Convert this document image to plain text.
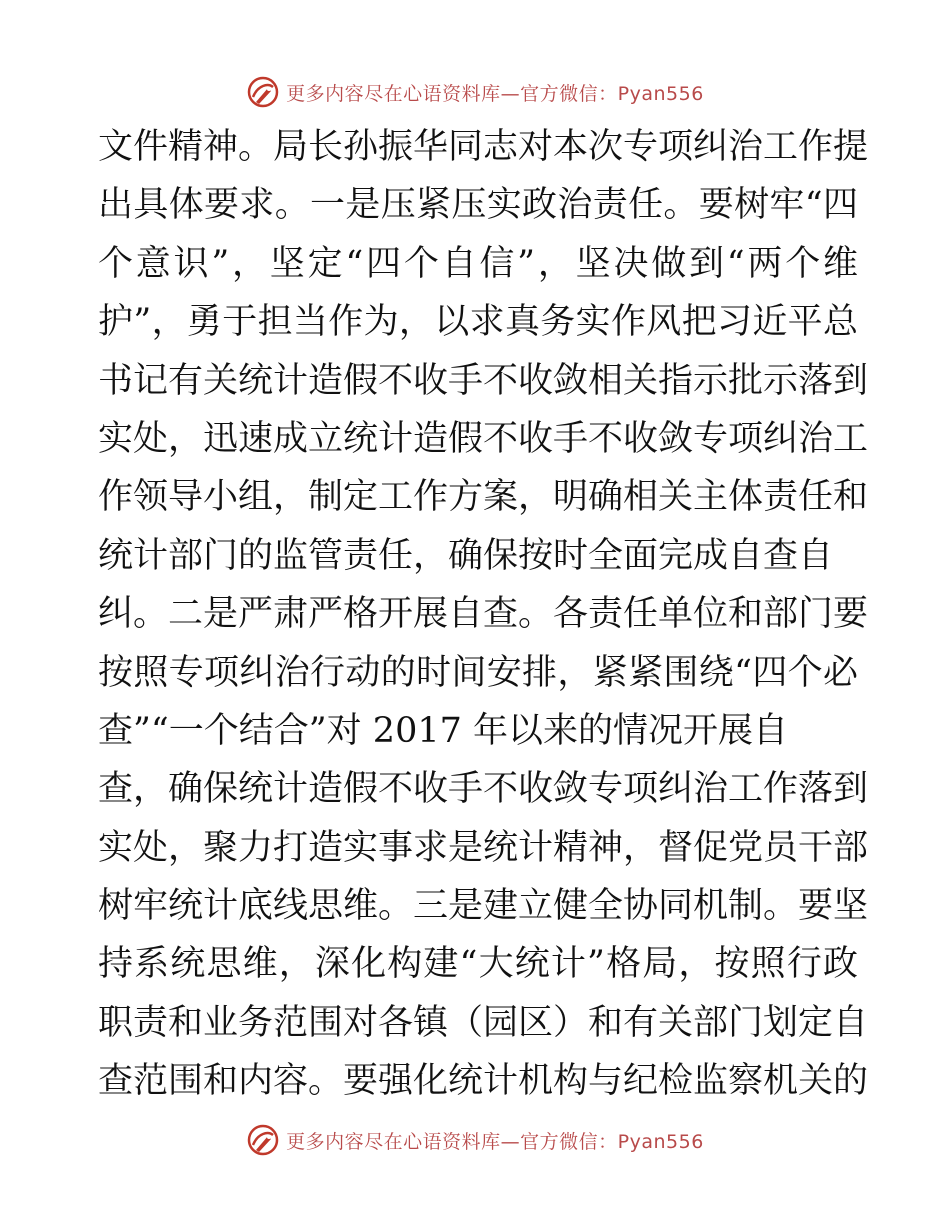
更多内容尽在心语资料库—官方微信：Pyan556
文件精神。局长孙振华同志对本次专项纠治工作提
出具体要求。一是压紧压实政治责任。要树牢“四
个意识”，坚定“四个自信”，坚决做到“两个维
护”，勇于担当作为，以求真务实作风把习近平总
书记有关统计造假不收手不收敛相关指示批示落到
实处，迅速成立统计造假不收手不收敛专项纠治工
作领导小组，制定工作方案，明确相关主体责任和
统计部门的监管责任，确保按时全面完成自查自
纠。二是严肃严格开展自查。各责任单位和部门要
按照专项纠治行动的时间安排，紧紧围绕“四个必
查”“一个结合”对 2017 年以来的情况开展自
查，确保统计造假不收手不收敛专项纠治工作落到
实处，聚力打造实事求是统计精神，督促党员干部
树牢统计底线思维。三是建立健全协同机制。要坚
持系统思维，深化构建“大统计”格局，按照行政
职责和业务范围对各镇（园区）和有关部门划定自
查范围和内容。要强化统计机构与纪检监察机关的
更多内容尽在心语资料库—官方微信：Pyan556
